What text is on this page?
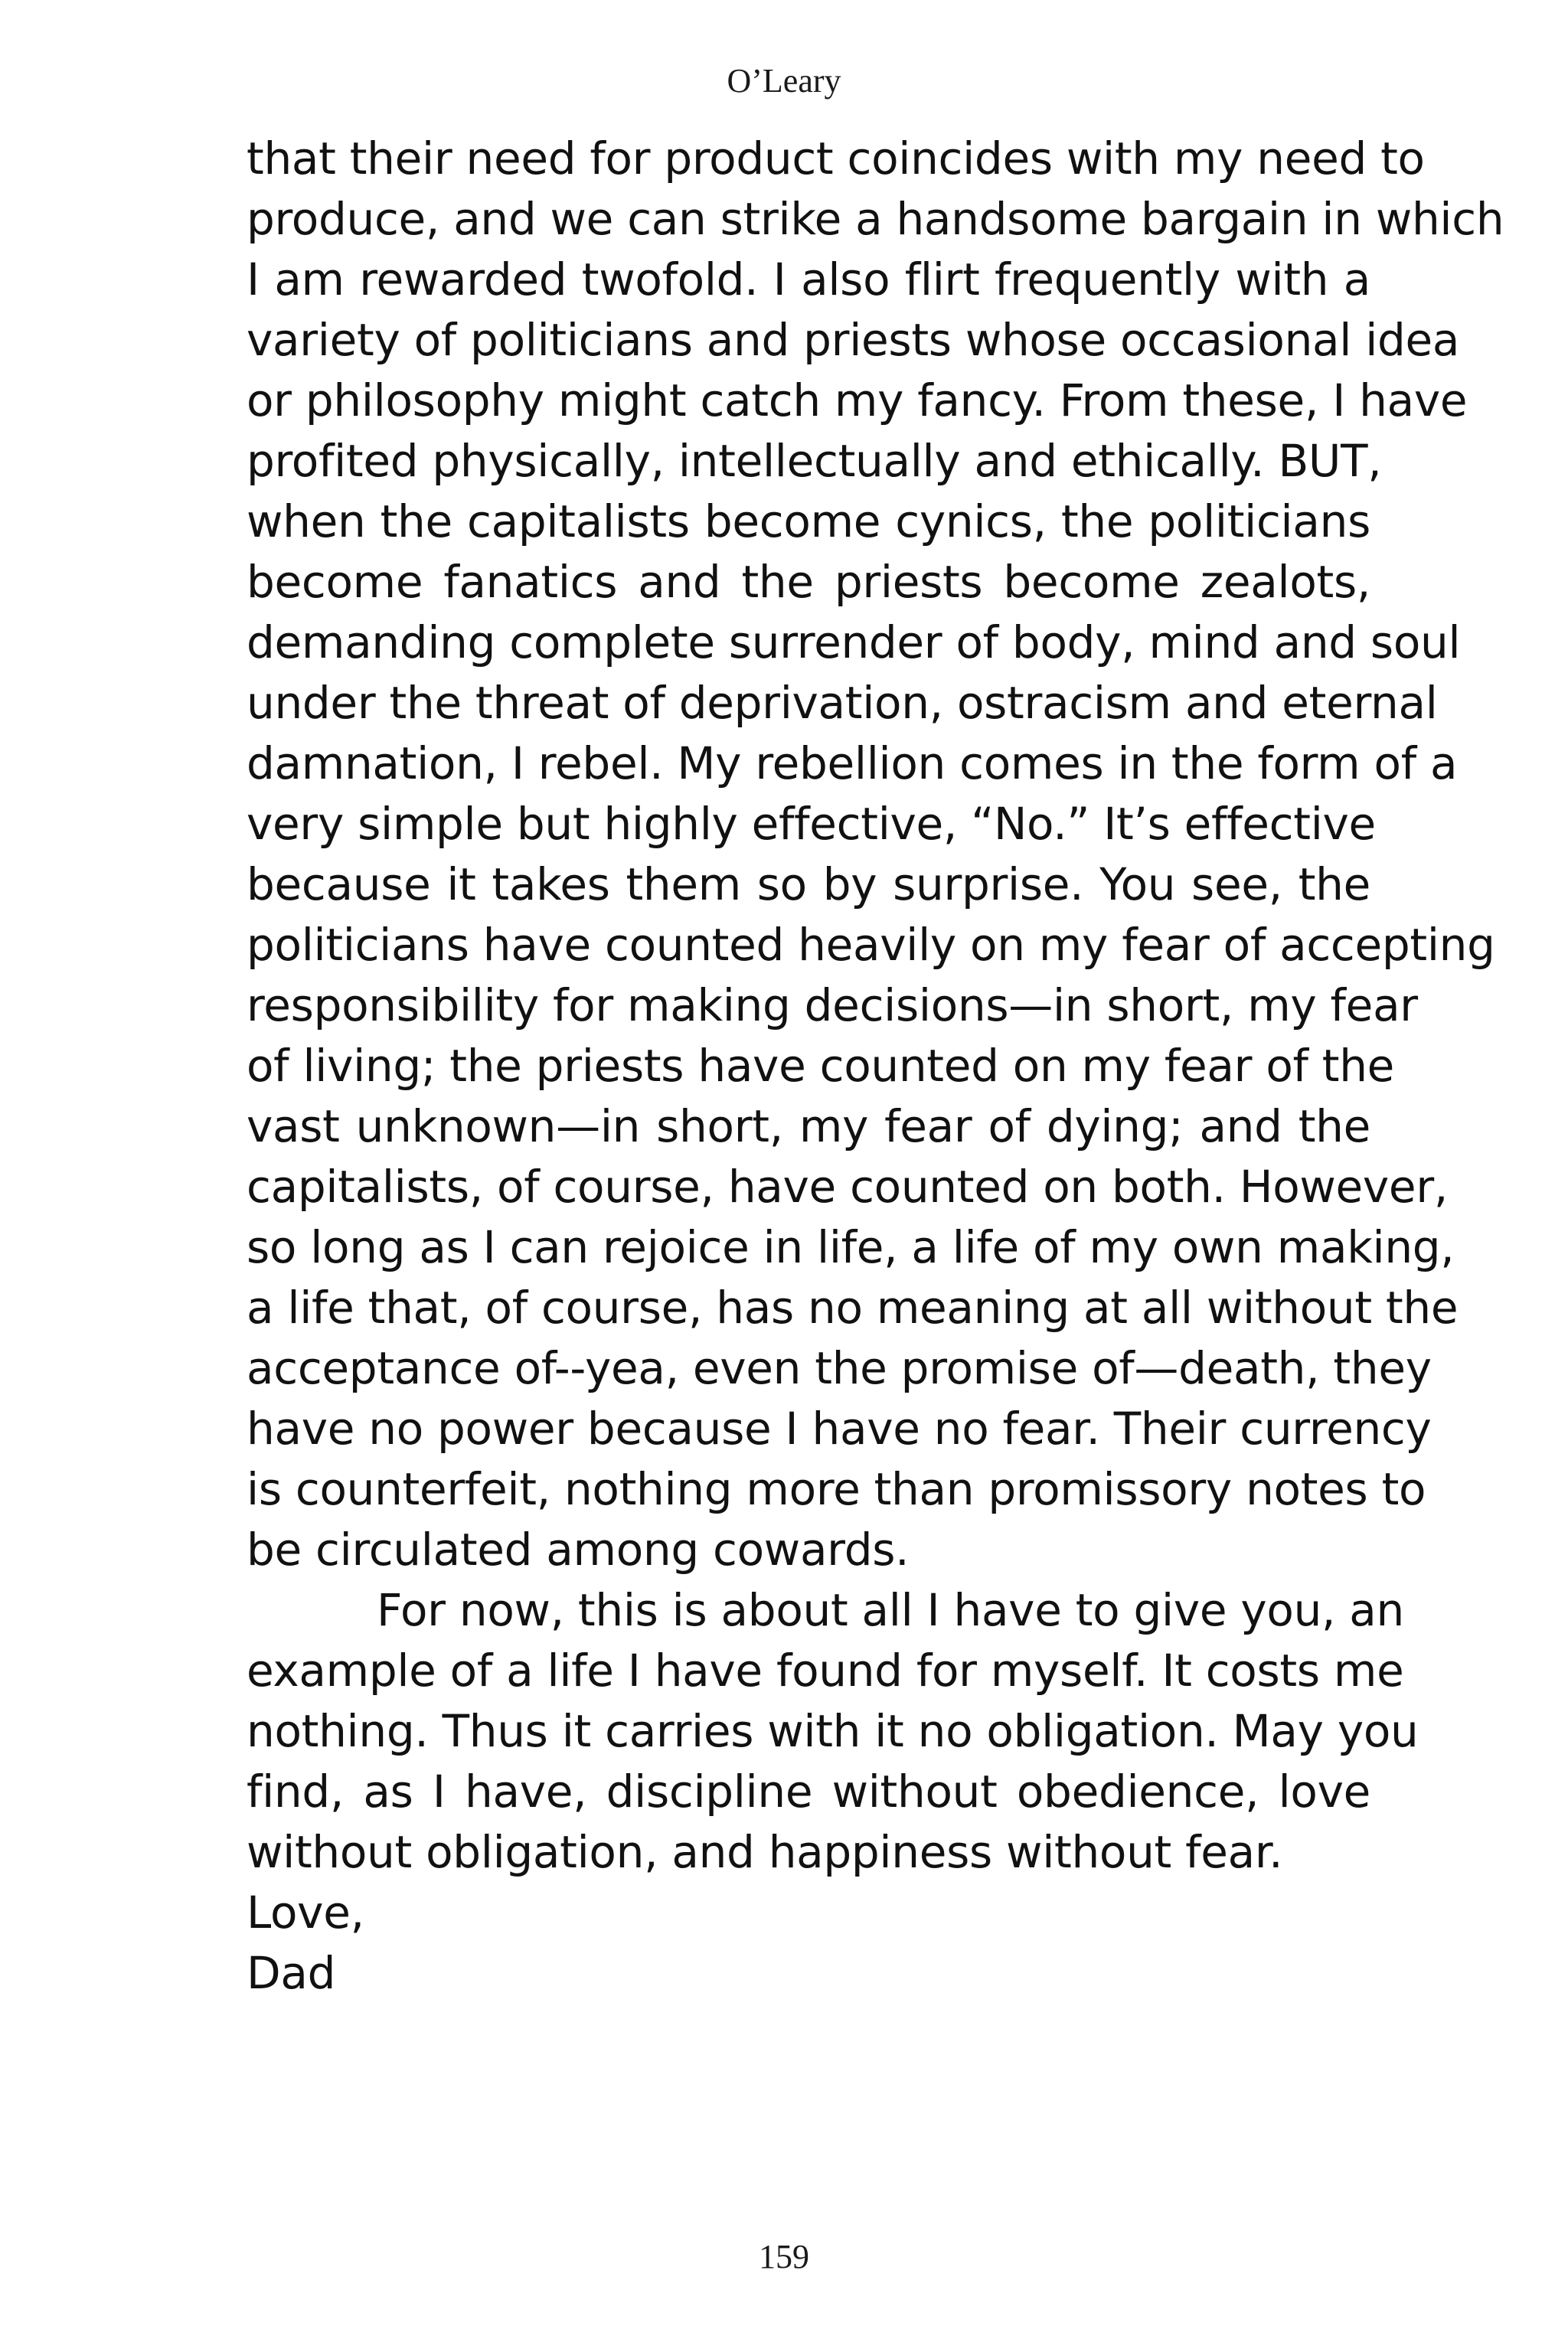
O’Leary
that their need for product coincides with my need to
produce, and we can strike a handsome bargain in which
I am rewarded twofold. I also flirt frequently with a
variety of politicians and priests whose occasional idea
or philosophy might catch my fancy. From these, I have
profited physically, intellectually and ethically. BUT,
when the capitalists become cynics, the politicians
become fanatics and the priests become zealots,
demanding complete surrender of body, mind and soul
under the threat of deprivation, ostracism and eternal
damnation, I rebel. My rebellion comes in the form of a
very simple but highly effective, “No.” It’s effective
because it takes them so by surprise. You see, the
politicians have counted heavily on my fear of accepting
responsibility for making decisions—in short, my fear
of living; the priests have counted on my fear of the
vast unknown—in short, my fear of dying; and the
capitalists, of course, have counted on both. However,
so long as I can rejoice in life, a life of my own making,
a life that, of course, has no meaning at all without the
acceptance of--yea, even the promise of—death, they
have no power because I have no fear. Their currency
is counterfeit, nothing more than promissory notes to
be circulated among cowards.
For now, this is about all I have to give you, an
example of a life I have found for myself. It costs me
nothing. Thus it carries with it no obligation. May you
find, as I have, discipline without obedience, love
without obligation, and happiness without fear.
Love,
Dad
159
